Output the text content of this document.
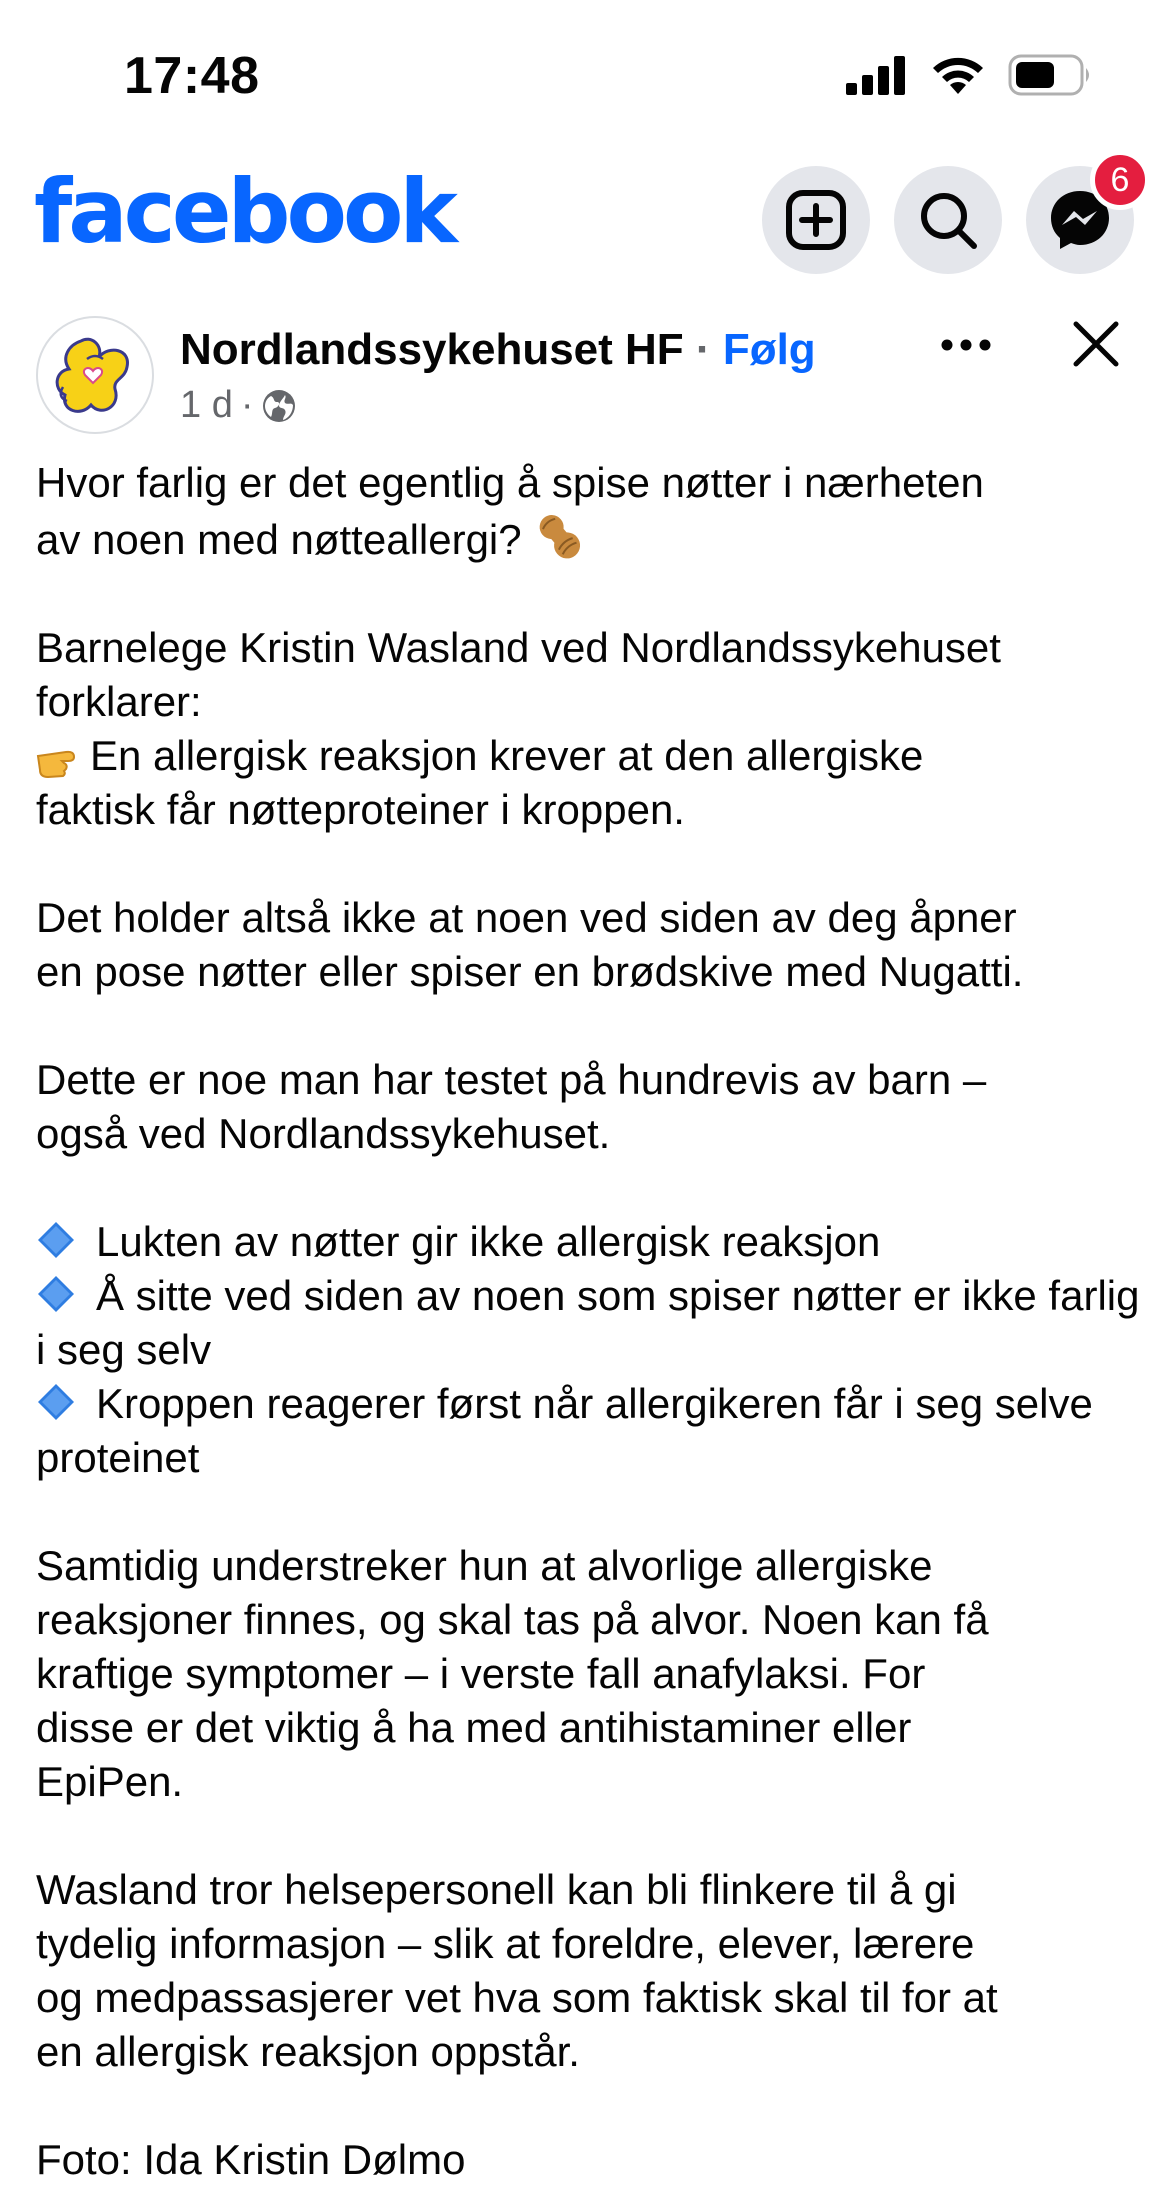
17:48
facebook	6
Nordlandssykehuset HF · Følg
1 d ·

Hvor farlig er det egentlig å spise nøtter i nærheten
av noen med nøtteallergi?

Barnelege Kristin Wasland ved Nordlandssykehuset
forklarer:
En allergisk reaksjon krever at den allergiske
faktisk får nøtteproteiner i kroppen.

Det holder altså ikke at noen ved siden av deg åpner
en pose nøtter eller spiser en brødskive med Nugatti.

Dette er noe man har testet på hundrevis av barn –
også ved Nordlandssykehuset.

Lukten av nøtter gir ikke allergisk reaksjon
Å sitte ved siden av noen som spiser nøtter er ikke farlig i seg selv
Kroppen reagerer først når allergikeren får i seg selve proteinet

Samtidig understreker hun at alvorlige allergiske
reaksjoner finnes, og skal tas på alvor. Noen kan få
kraftige symptomer – i verste fall anafylaksi. For
disse er det viktig å ha med antihistaminer eller
EpiPen.

Wasland tror helsepersonell kan bli flinkere til å gi
tydelig informasjon – slik at foreldre, elever, lærere
og medpassasjerer vet hva som faktisk skal til for at
en allergisk reaksjon oppstår.

Foto: Ida Kristin Dølmo
